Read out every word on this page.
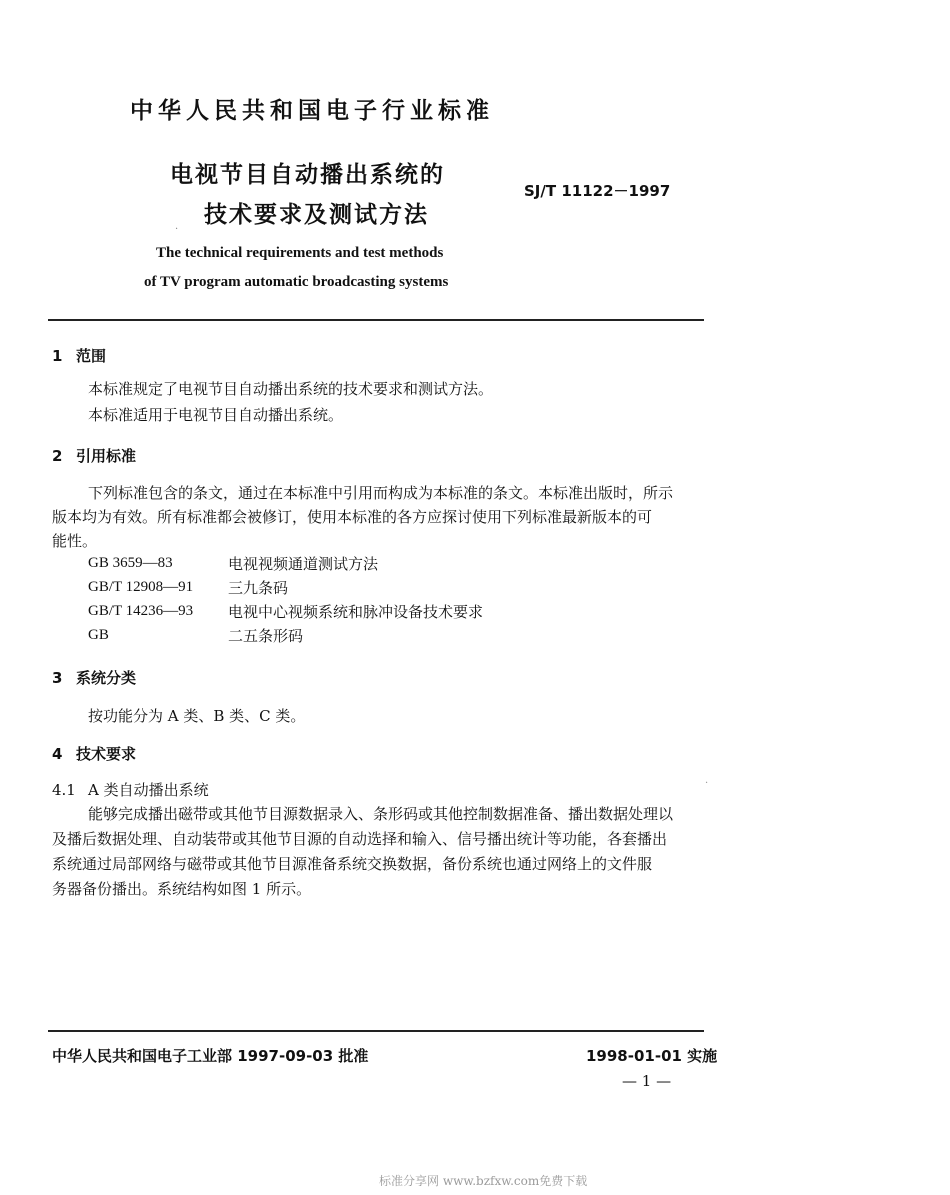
中华人民共和国电子行业标准
电视节目自动播出系统的
技术要求及测试方法
SJ/T 11122－1997
·
The technical requirements and test methods
of TV program automatic broadcasting systems
1 范围
本标准规定了电视节目自动播出系统的技术要求和测试方法。
本标准适用于电视节目自动播出系统。
2 引用标准
下列标准包含的条文，通过在本标准中引用而构成为本标准的条文。本标准出版时，所示
版本均为有效。所有标准都会被修订，使用本标准的各方应探讨使用下列标准最新版本的可
能性。
GB 3659—83	电视视频通道测试方法
GB/T 12908—91 三九条码
GB/T 14236—93 电视中心视频系统和脉冲设备技术要求
GB	二五条形码
3 系统分类
按功能分为 A 类、B 类、C 类。
4 技术要求
4.1 A 类自动播出系统	·
能够完成播出磁带或其他节目源数据录入、条形码或其他控制数据准备、播出数据处理以
及播后数据处理、自动装带或其他节目源的自动选择和输入、信号播出统计等功能，各套播出
系统通过局部网络与磁带或其他节目源准备系统交换数据，备份系统也通过网络上的文件服
务器备份播出。系统结构如图 1 所示。
中华人民共和国电子工业部 1997-09-03 批准	1998-01-01 实施
— 1 —
标准分享网 www.bzfxw.com免费下载
